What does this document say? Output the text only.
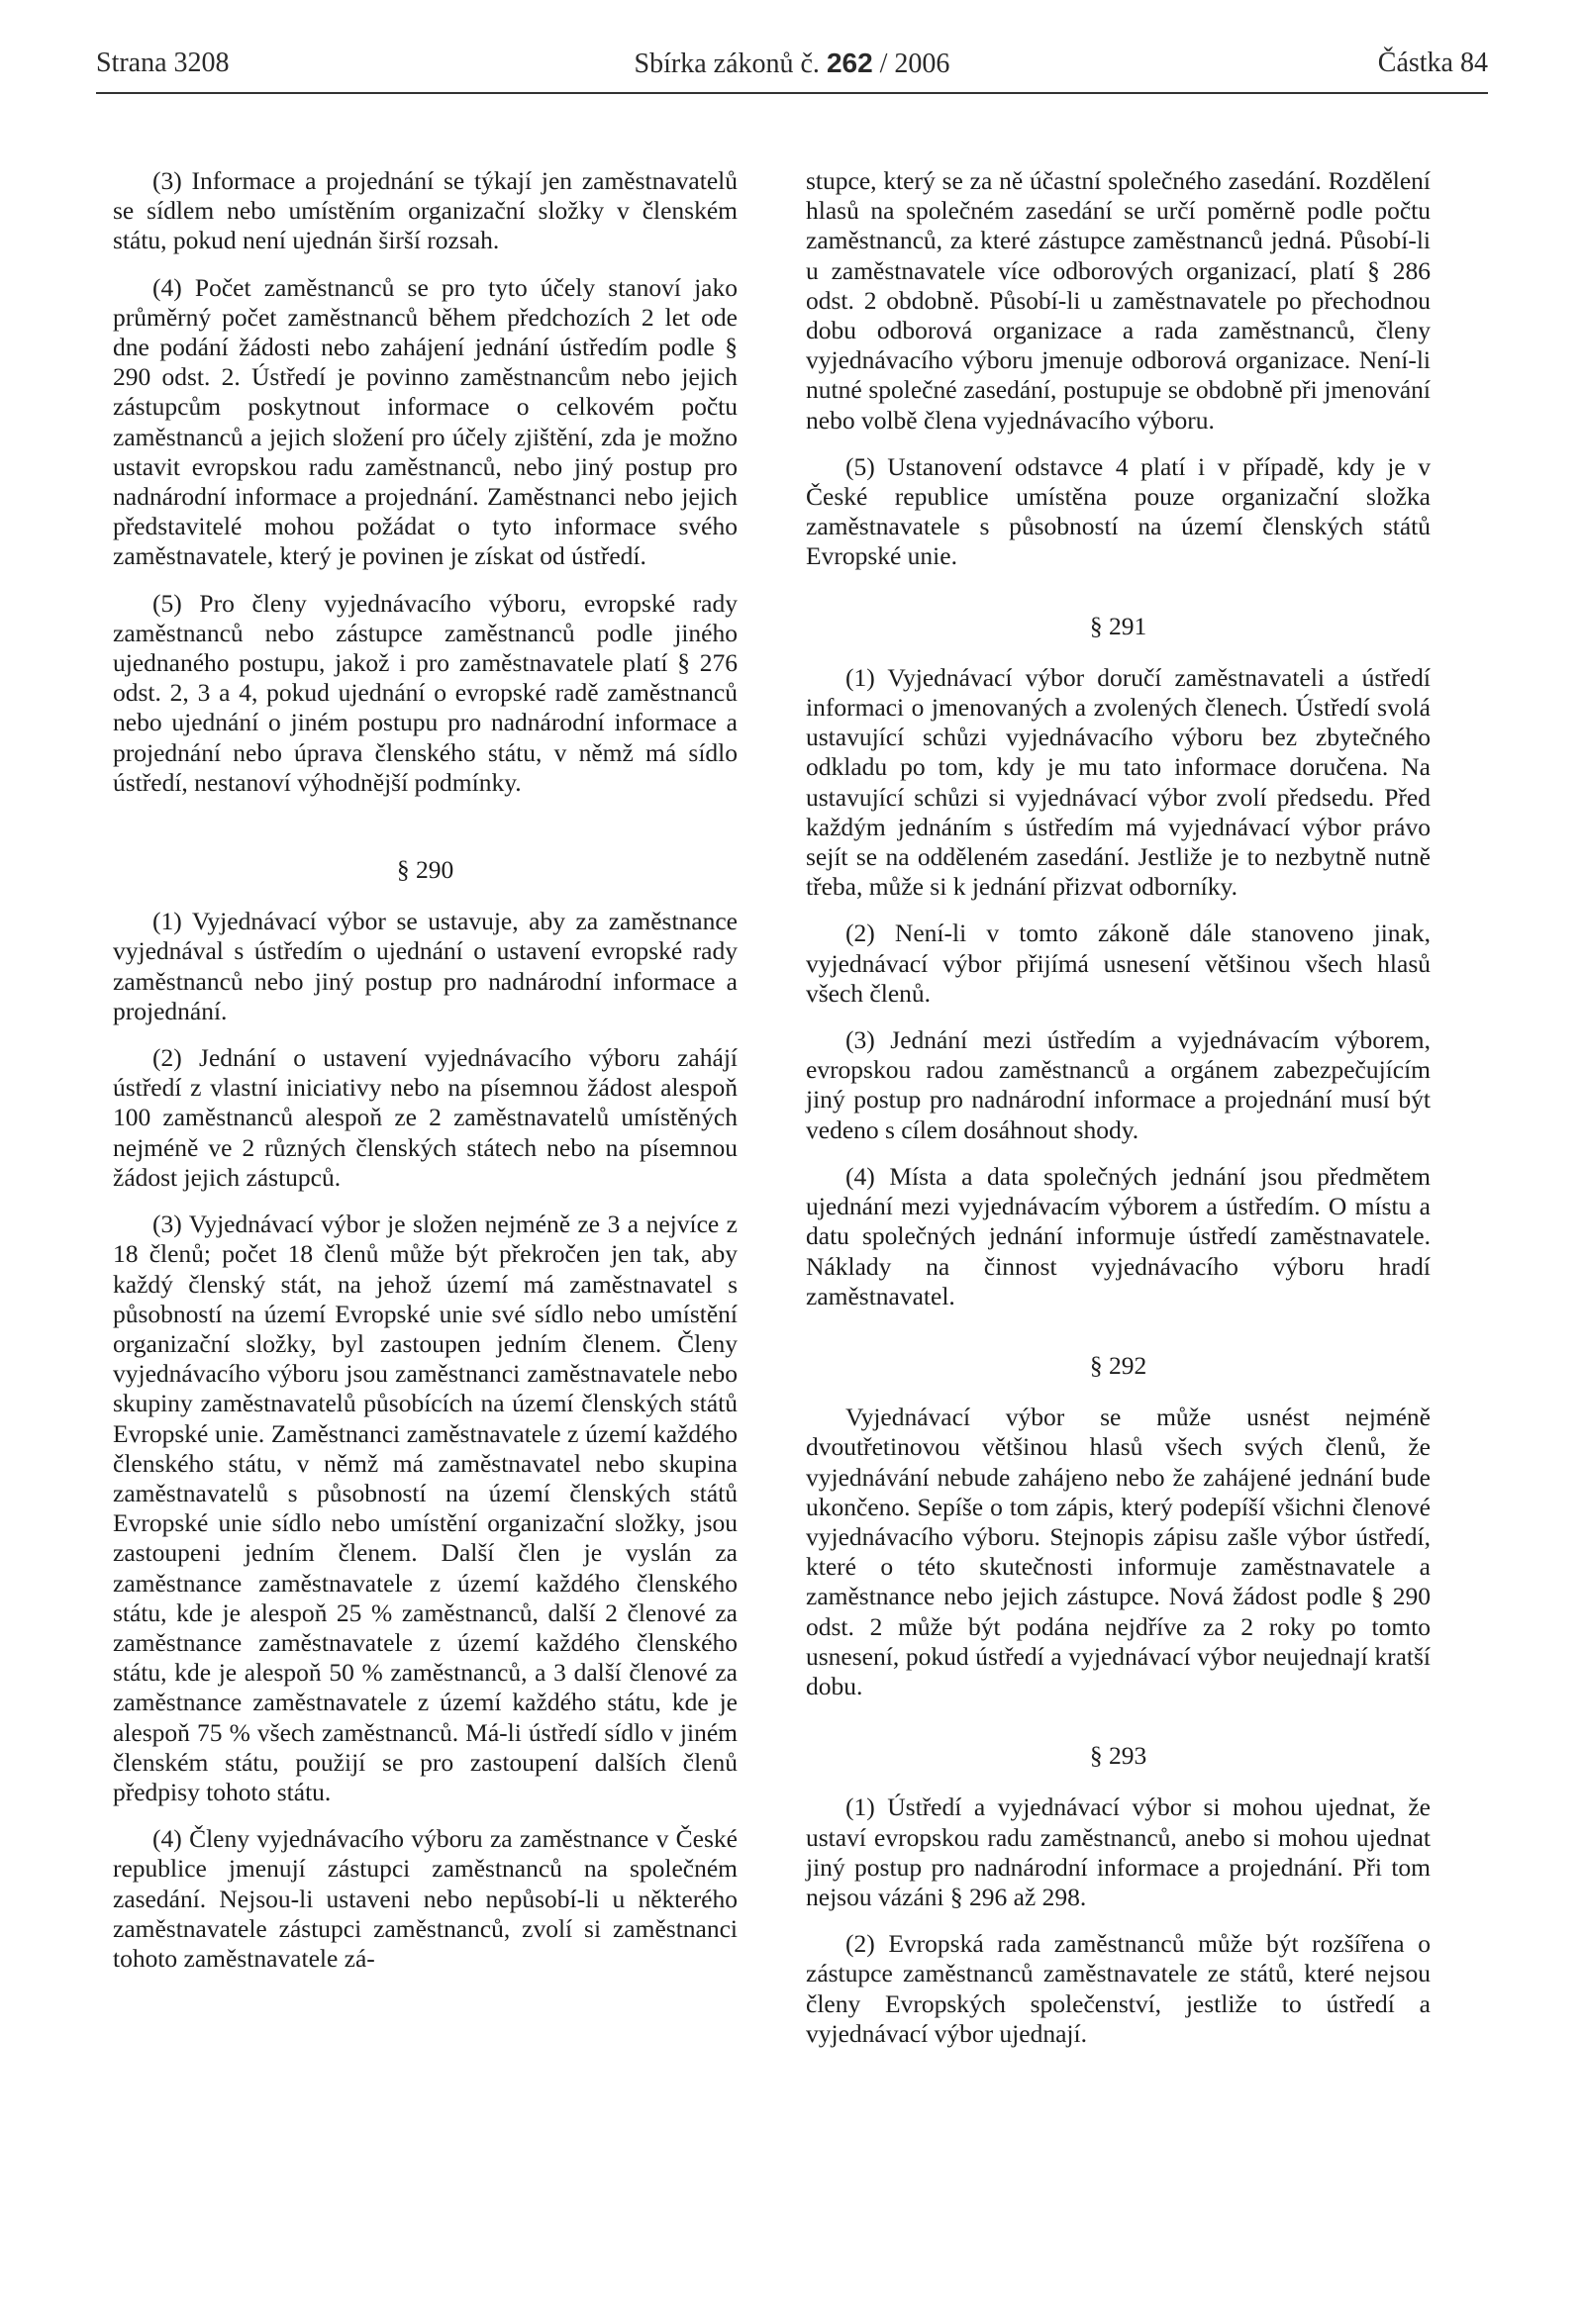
Strana 3208	Sbírka zákonů č. 262 / 2006	Částka 84

(3) Informace a projednání se týkají jen zaměstnavatelů se sídlem nebo umístěním organizační složky v členském státu, pokud není ujednán širší rozsah.

(4) Počet zaměstnanců se pro tyto účely stanoví jako průměrný počet zaměstnanců během předchozích 2 let ode dne podání žádosti nebo zahájení jednání ústředím podle § 290 odst. 2. Ústředí je povinno zaměstnancům nebo jejich zástupcům poskytnout informace o celkovém počtu zaměstnanců a jejich složení pro účely zjištění, zda je možno ustavit evropskou radu zaměstnanců, nebo jiný postup pro nadnárodní informace a projednání. Zaměstnanci nebo jejich představitelé mohou požádat o tyto informace svého zaměstnavatele, který je povinen je získat od ústředí.

(5) Pro členy vyjednávacího výboru, evropské rady zaměstnanců nebo zástupce zaměstnanců podle jiného ujednaného postupu, jakož i pro zaměstnavatele platí § 276 odst. 2, 3 a 4, pokud ujednání o evropské radě zaměstnanců nebo ujednání o jiném postupu pro nadnárodní informace a projednání nebo úprava členského státu, v němž má sídlo ústředí, nestanoví výhodnější podmínky.

§ 290

(1) Vyjednávací výbor se ustavuje, aby za zaměstnance vyjednával s ústředím o ujednání o ustavení evropské rady zaměstnanců nebo jiný postup pro nadnárodní informace a projednání.

(2) Jednání o ustavení vyjednávacího výboru zahájí ústředí z vlastní iniciativy nebo na písemnou žádost alespoň 100 zaměstnanců alespoň ze 2 zaměstnavatelů umístěných nejméně ve 2 různých členských státech nebo na písemnou žádost jejich zástupců.

(3) Vyjednávací výbor je složen nejméně ze 3 a nejvíce z 18 členů; počet 18 členů může být překročen jen tak, aby každý členský stát, na jehož území má zaměstnavatel s působností na území Evropské unie své sídlo nebo umístění organizační složky, byl zastoupen jedním členem. Členy vyjednávacího výboru jsou zaměstnanci zaměstnavatele nebo skupiny zaměstnavatelů působících na území členských států Evropské unie. Zaměstnanci zaměstnavatele z území každého členského státu, v němž má zaměstnavatel nebo skupina zaměstnavatelů s působností na území členských států Evropské unie sídlo nebo umístění organizační složky, jsou zastoupeni jedním členem. Další člen je vyslán za zaměstnance zaměstnavatele z území každého členského státu, kde je alespoň 25 % zaměstnanců, další 2 členové za zaměstnance zaměstnavatele z území každého členského státu, kde je alespoň 50 % zaměstnanců, a 3 další členové za zaměstnance zaměstnavatele z území každého státu, kde je alespoň 75 % všech zaměstnanců. Má-li ústředí sídlo v jiném členském státu, použijí se pro zastoupení dalších členů předpisy tohoto státu.

(4) Členy vyjednávacího výboru za zaměstnance v České republice jmenují zástupci zaměstnanců na společném zasedání. Nejsou-li ustaveni nebo nepůsobí-li u některého zaměstnavatele zástupci zaměstnanců, zvolí si zaměstnanci tohoto zaměstnavatele zá-

stupce, který se za ně účastní společného zasedání. Rozdělení hlasů na společném zasedání se určí poměrně podle počtu zaměstnanců, za které zástupce zaměstnanců jedná. Působí-li u zaměstnavatele více odborových organizací, platí § 286 odst. 2 obdobně. Působí-li u zaměstnavatele po přechodnou dobu odborová organizace a rada zaměstnanců, členy vyjednávacího výboru jmenuje odborová organizace. Není-li nutné společné zasedání, postupuje se obdobně při jmenování nebo volbě člena vyjednávacího výboru.

(5) Ustanovení odstavce 4 platí i v případě, kdy je v České republice umístěna pouze organizační složka zaměstnavatele s působností na území členských států Evropské unie.

§ 291

(1) Vyjednávací výbor doručí zaměstnavateli a ústředí informaci o jmenovaných a zvolených členech. Ústředí svolá ustavující schůzi vyjednávacího výboru bez zbytečného odkladu po tom, kdy je mu tato informace doručena. Na ustavující schůzi si vyjednávací výbor zvolí předsedu. Před každým jednáním s ústředím má vyjednávací výbor právo sejít se na odděleném zasedání. Jestliže je to nezbytně nutně třeba, může si k jednání přizvat odborníky.

(2) Není-li v tomto zákoně dále stanoveno jinak, vyjednávací výbor přijímá usnesení většinou všech hlasů všech členů.

(3) Jednání mezi ústředím a vyjednávacím výborem, evropskou radou zaměstnanců a orgánem zabezpečujícím jiný postup pro nadnárodní informace a projednání musí být vedeno s cílem dosáhnout shody.

(4) Místa a data společných jednání jsou předmětem ujednání mezi vyjednávacím výborem a ústředím. O místu a datu společných jednání informuje ústředí zaměstnavatele. Náklady na činnost vyjednávacího výboru hradí zaměstnavatel.

§ 292

Vyjednávací výbor se může usnést nejméně dvoutřetinovou většinou hlasů všech svých členů, že vyjednávání nebude zahájeno nebo že zahájené jednání bude ukončeno. Sepíše o tom zápis, který podepíší všichni členové vyjednávacího výboru. Stejnopis zápisu zašle výbor ústředí, které o této skutečnosti informuje zaměstnavatele a zaměstnance nebo jejich zástupce. Nová žádost podle § 290 odst. 2 může být podána nejdříve za 2 roky po tomto usnesení, pokud ústředí a vyjednávací výbor neujednají kratší dobu.

§ 293

(1) Ústředí a vyjednávací výbor si mohou ujednat, že ustaví evropskou radu zaměstnanců, anebo si mohou ujednat jiný postup pro nadnárodní informace a projednání. Při tom nejsou vázáni § 296 až 298.

(2) Evropská rada zaměstnanců může být rozšířena o zástupce zaměstnanců zaměstnavatele ze států, které nejsou členy Evropských společenství, jestliže to ústředí a vyjednávací výbor ujednají.
